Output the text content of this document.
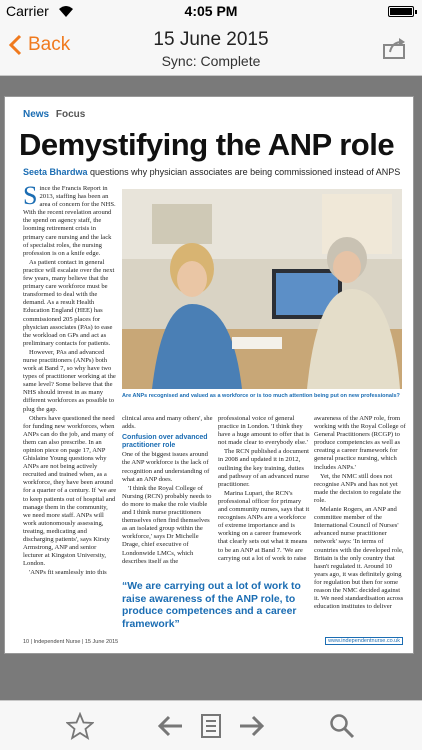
Carrier	4:05 PM
Back	15 June 2015
Sync: Complete
News Focus
Demystifying the ANP role
Seeta Bhardwa questions why physician associates are being commissioned instead of ANPS
S ince the Francis Report in 2013, staffing has been an area of concern for the NHS. With the recent revelation around the spend on agency staff, the looming retirement crisis in primary care nursing and the lack of specialist roles, the nursing profession is on a knife edge.

As patient contact in general practice will escalate over the next few years, many believe that the primary care workforce must be transformed to deal with the demand. As a result Health Education England (HEE) has commissioned 205 places for physician associates (PAs) to ease the workload on GPs and act as preliminary contacts for patients.

However, PAs and advanced nurse practitioners (ANPs) both work at Band 7, so why have two types of practitioner working at the same level? Some believe that the NHS should invest in as many different workforces as possible to plug the gap.

Others have questioned the need for funding new workforces, when ANPs can do the job, and many of them can also prescribe. In an opinion piece on page 17, ANP Ghislaine Young questions why ANPs are not being actively recruited and trained when, as a workforce, they have been around for a quarter of a century. If 'we are to keep patients out of hospital and manage them in the community, we need more staff. ANPs will work autonomously assessing, treating, medicating and discharging patients', says Kirsty Armstrong, ANP and senior lecturer at Kingston University, London.

'ANPs fit seamlessly into this

Are ANPs recognised and valued as a workforce or is too much attention being put on new professionals?

clinical area and many others', she adds.

Confusion over advanced practitioner role

One of the biggest issues around the ANP workforce is the lack of recognition and understanding of what an ANP does.

'I think the Royal College of Nursing (RCN) probably needs to do more to make the role visible and I think nurse practitioners themselves often find themselves as an isolated group within the workforce,' says Dr Michelle Drage, chief executive of Londonwide LMCs, which describes itself as the

professional voice of general practice in London. 'I think they have a huge amount to offer that is not made clear to everybody else.'

The RCN published a document in 2008 and updated it in 2012, outlining the key training, duties and pathway of an advanced nurse practitioner.

Marina Lupari, the RCN's professional officer for primary and community nurses, says that it recognises ANPs are a workforce of extreme importance and is working on a career framework that clearly sets out what it means to be an ANP at Band 7. 'We are carrying out a lot of work to raise

awareness of the ANP role, from working with the Royal College of General Practitioners (RCGP) to produce competencies as well as creating a career framework for general practice nursing, which includes ANPs.'

Yet, the NMC still does not recognise ANPs and has not yet made the decision to regulate the role.

Melanie Rogers, an ANP and committee member of the International Council of Nurses' advanced nurse practitioner network' says: 'In terms of countries with the developed role, Britain is the only country that hasn't regulated it. Around 10 years ago, it was definitely going for regulation but then for some reason the NMC decided against it. We need standardisation across education institutes to deliver

“We are carrying out a lot of work to raise awareness of the ANP role, to produce competences and a career framework”
10 | Independent Nurse | 15 June 2015	www.independentnurse.co.uk
